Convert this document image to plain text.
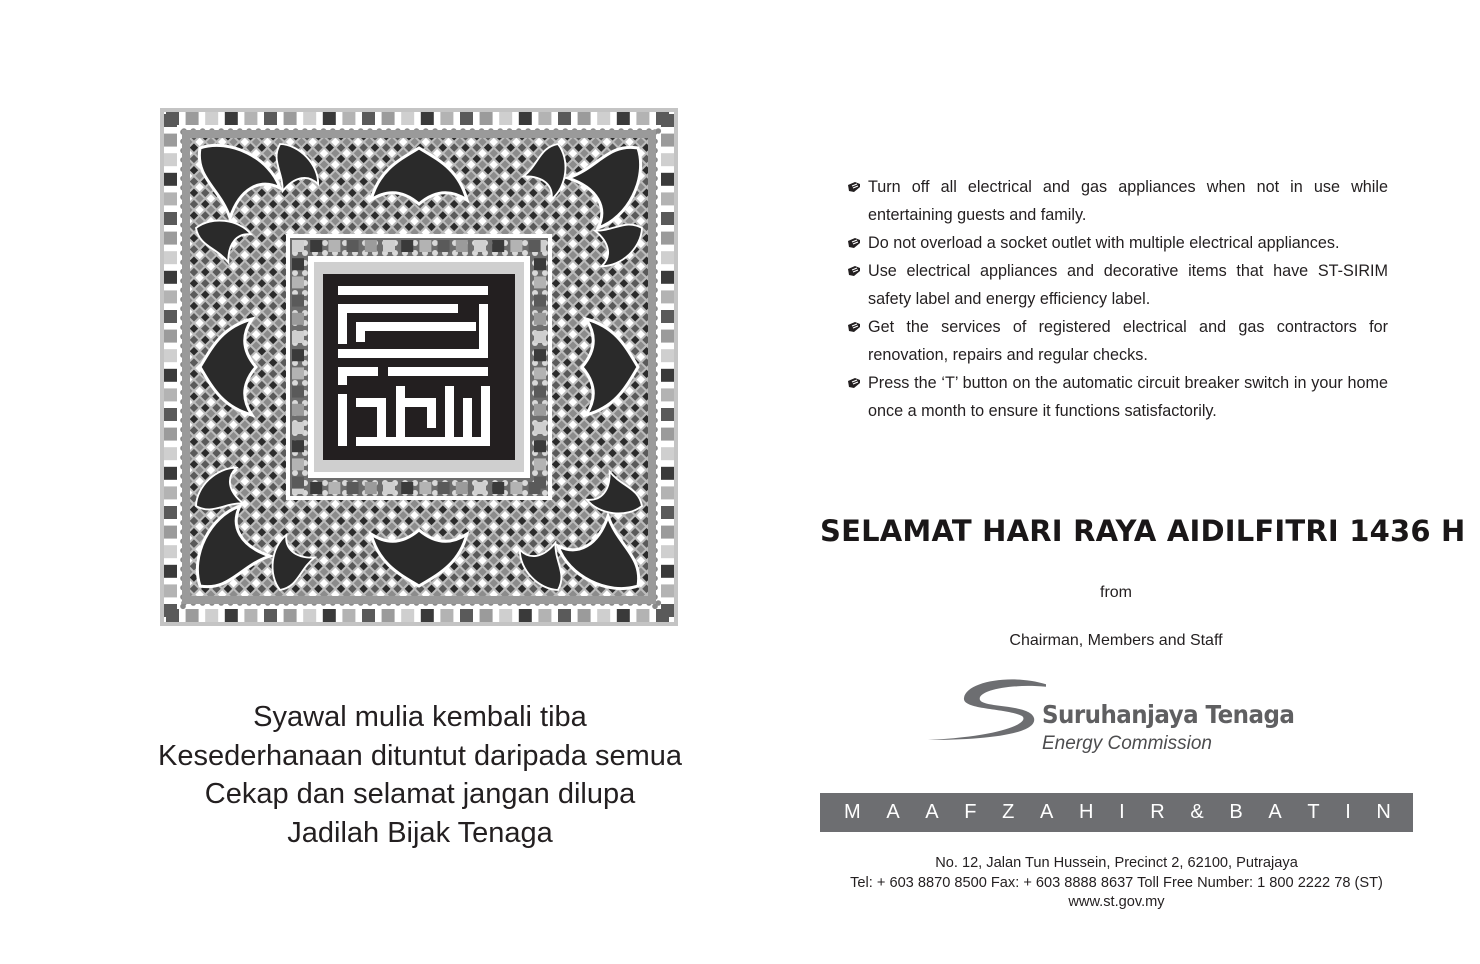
Syawal mulia kembali tiba
Kesederhanaan dituntut daripada semua
Cekap dan selamat jangan dilupa
Jadilah Bijak Tenaga
Turn off all electrical and gas appliances when not in use while entertaining guests and family.
Do not overload a socket outlet with multiple electrical appliances.
Use electrical appliances and decorative items that have ST-SIRIM safety label and energy efficiency label.
Get the services of registered electrical and gas contractors for renovation, repairs and regular checks.
Press the ‘T’ button on the automatic circuit breaker switch in your home once a month to ensure it functions satisfactorily.
SELAMAT HARI RAYA AIDILFITRI 1436 H
from
Chairman, Members and Staff
Suruhanjaya Tenaga
Energy Commission
M A A F Z A H I R & B A T I N
No. 12, Jalan Tun Hussein, Precinct 2, 62100, Putrajaya
Tel: + 603 8870 8500 Fax: + 603 8888 8637 Toll Free Number: 1 800 2222 78 (ST)
www.st.gov.my
